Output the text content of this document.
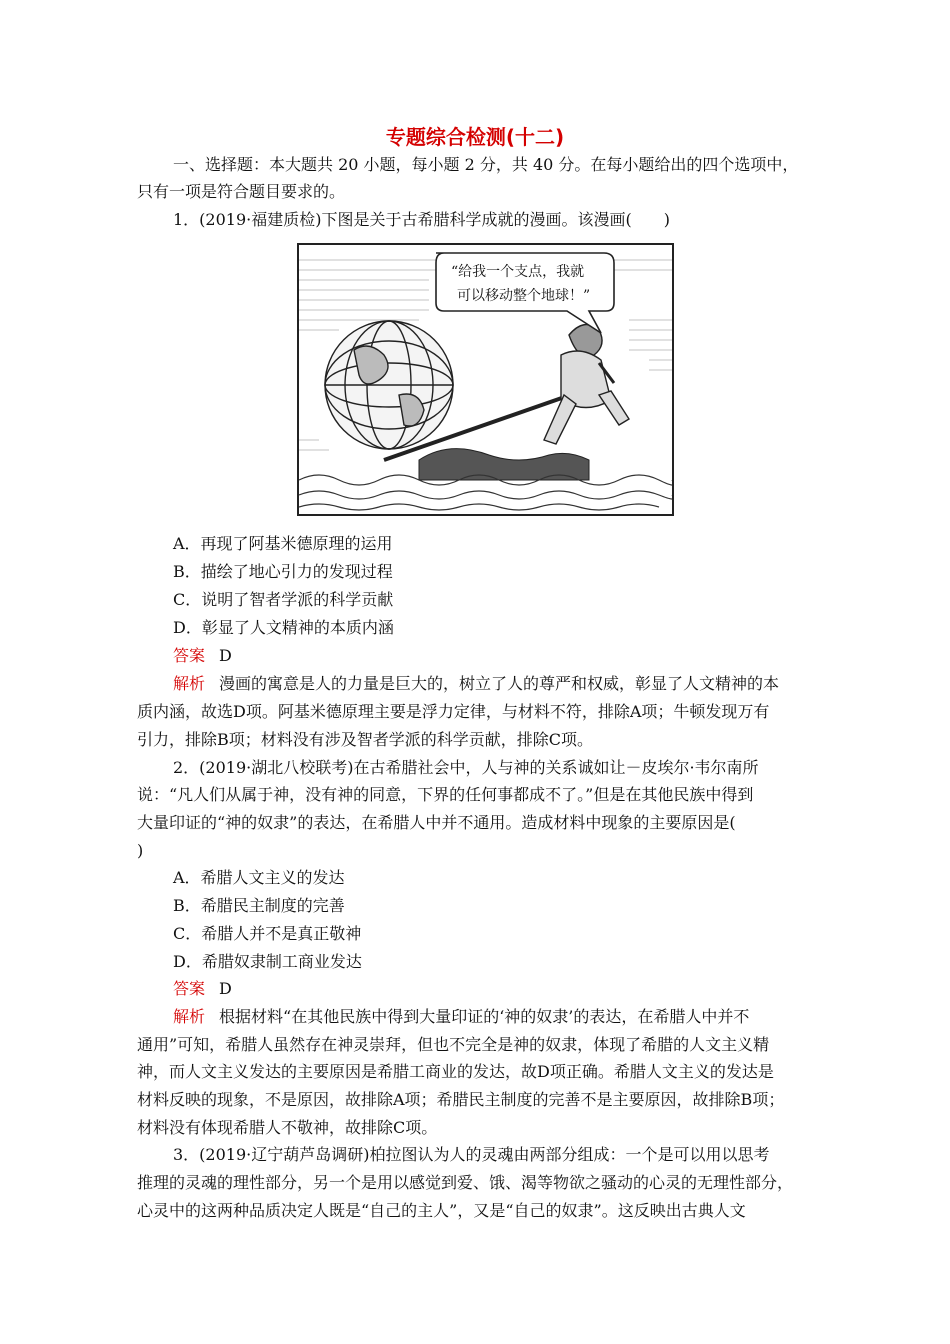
专题综合检测(十二)
一、选择题：本大题共 20 小题，每小题 2 分，共 40 分。在每小题给出的四个选项中，
只有一项是符合题目要求的。
1．(2019·福建质检)下图是关于古希腊科学成就的漫画。该漫画(　　)
“给我一个支点，我就
可以移动整个地球！”
A．再现了阿基米德原理的运用
B．描绘了地心引力的发现过程
C．说明了智者学派的科学贡献
D．彰显了人文精神的本质内涵
答案 D
解析 漫画的寓意是人的力量是巨大的，树立了人的尊严和权威，彰显了人文精神的本
质内涵，故选D项。阿基米德原理主要是浮力定律，与材料不符，排除A项；牛顿发现万有
引力，排除B项；材料没有涉及智者学派的科学贡献，排除C项。
2．(2019·湖北八校联考)在古希腊社会中，人与神的关系诚如让－皮埃尔·韦尔南所
说：“凡人们从属于神，没有神的同意，下界的任何事都成不了。”但是在其他民族中得到
大量印证的“神的奴隶”的表达，在希腊人中并不通用。造成材料中现象的主要原因是(
)
A．希腊人文主义的发达
B．希腊民主制度的完善
C．希腊人并不是真正敬神
D．希腊奴隶制工商业发达
答案 D
解析 根据材料“在其他民族中得到大量印证的‘神的奴隶’的表达，在希腊人中并不
通用”可知，希腊人虽然存在神灵崇拜，但也不完全是神的奴隶，体现了希腊的人文主义精
神，而人文主义发达的主要原因是希腊工商业的发达，故D项正确。希腊人文主义的发达是
材料反映的现象，不是原因，故排除A项；希腊民主制度的完善不是主要原因，故排除B项；
材料没有体现希腊人不敬神，故排除C项。
3．(2019·辽宁葫芦岛调研)柏拉图认为人的灵魂由两部分组成：一个是可以用以思考
推理的灵魂的理性部分，另一个是用以感觉到爱、饿、渴等物欲之骚动的心灵的无理性部分，
心灵中的这两种品质决定人既是“自己的主人”，又是“自己的奴隶”。这反映出古典人文
